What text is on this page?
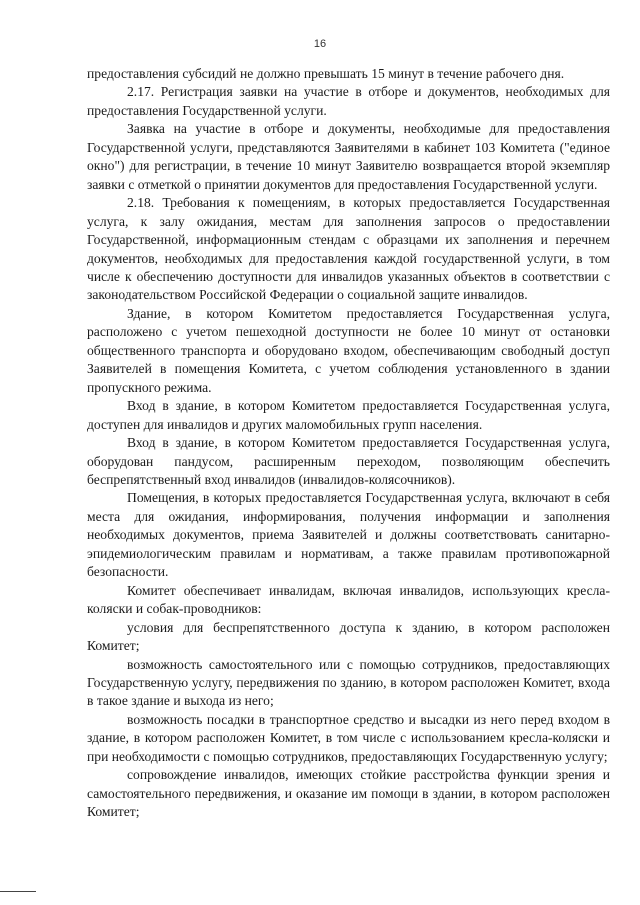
16

предоставления субсидий не должно превышать 15 минут в течение рабочего дня.

2.17. Регистрация заявки на участие в отборе и документов, необходимых для предоставления Государственной услуги.

Заявка на участие в отборе и документы, необходимые для предоставления Государственной услуги, представляются Заявителями в кабинет 103 Комитета ("единое окно") для регистрации, в течение 10 минут Заявителю возвращается второй экземпляр заявки с отметкой о принятии документов для предоставления Государственной услуги.

2.18. Требования к помещениям, в которых предоставляется Государственная услуга, к залу ожидания, местам для заполнения запросов о предоставлении Государственной, информационным стендам с образцами их заполнения и перечнем документов, необходимых для предоставления каждой государственной услуги, в том числе к обеспечению доступности для инвалидов указанных объектов в соответствии с законодательством Российской Федерации о социальной защите инвалидов.

Здание, в котором Комитетом предоставляется Государственная услуга, расположено с учетом пешеходной доступности не более 10 минут от остановки общественного транспорта и оборудовано входом, обеспечивающим свободный доступ Заявителей в помещения Комитета, с учетом соблюдения установленного в здании пропускного режима.

Вход в здание, в котором Комитетом предоставляется Государственная услуга, доступен для инвалидов и других маломобильных групп населения.

Вход в здание, в котором Комитетом предоставляется Государственная услуга, оборудован пандусом, расширенным переходом, позволяющим обеспечить беспрепятственный вход инвалидов (инвалидов-колясочников).

Помещения, в которых предоставляется Государственная услуга, включают в себя места для ожидания, информирования, получения информации и заполнения необходимых документов, приема Заявителей и должны соответствовать санитарно-эпидемиологическим правилам и нормативам, а также правилам противопожарной безопасности.

Комитет обеспечивает инвалидам, включая инвалидов, использующих кресла-коляски и собак-проводников:

условия для беспрепятственного доступа к зданию, в котором расположен Комитет;

возможность самостоятельного или с помощью сотрудников, предоставляющих Государственную услугу, передвижения по зданию, в котором расположен Комитет, входа в такое здание и выхода из него;

возможность посадки в транспортное средство и высадки из него перед входом в здание, в котором расположен Комитет, в том числе с использованием кресла-коляски и при необходимости с помощью сотрудников, предоставляющих Государственную услугу;

сопровождение инвалидов, имеющих стойкие расстройства функции зрения и самостоятельного передвижения, и оказание им помощи в здании, в котором расположен Комитет;
